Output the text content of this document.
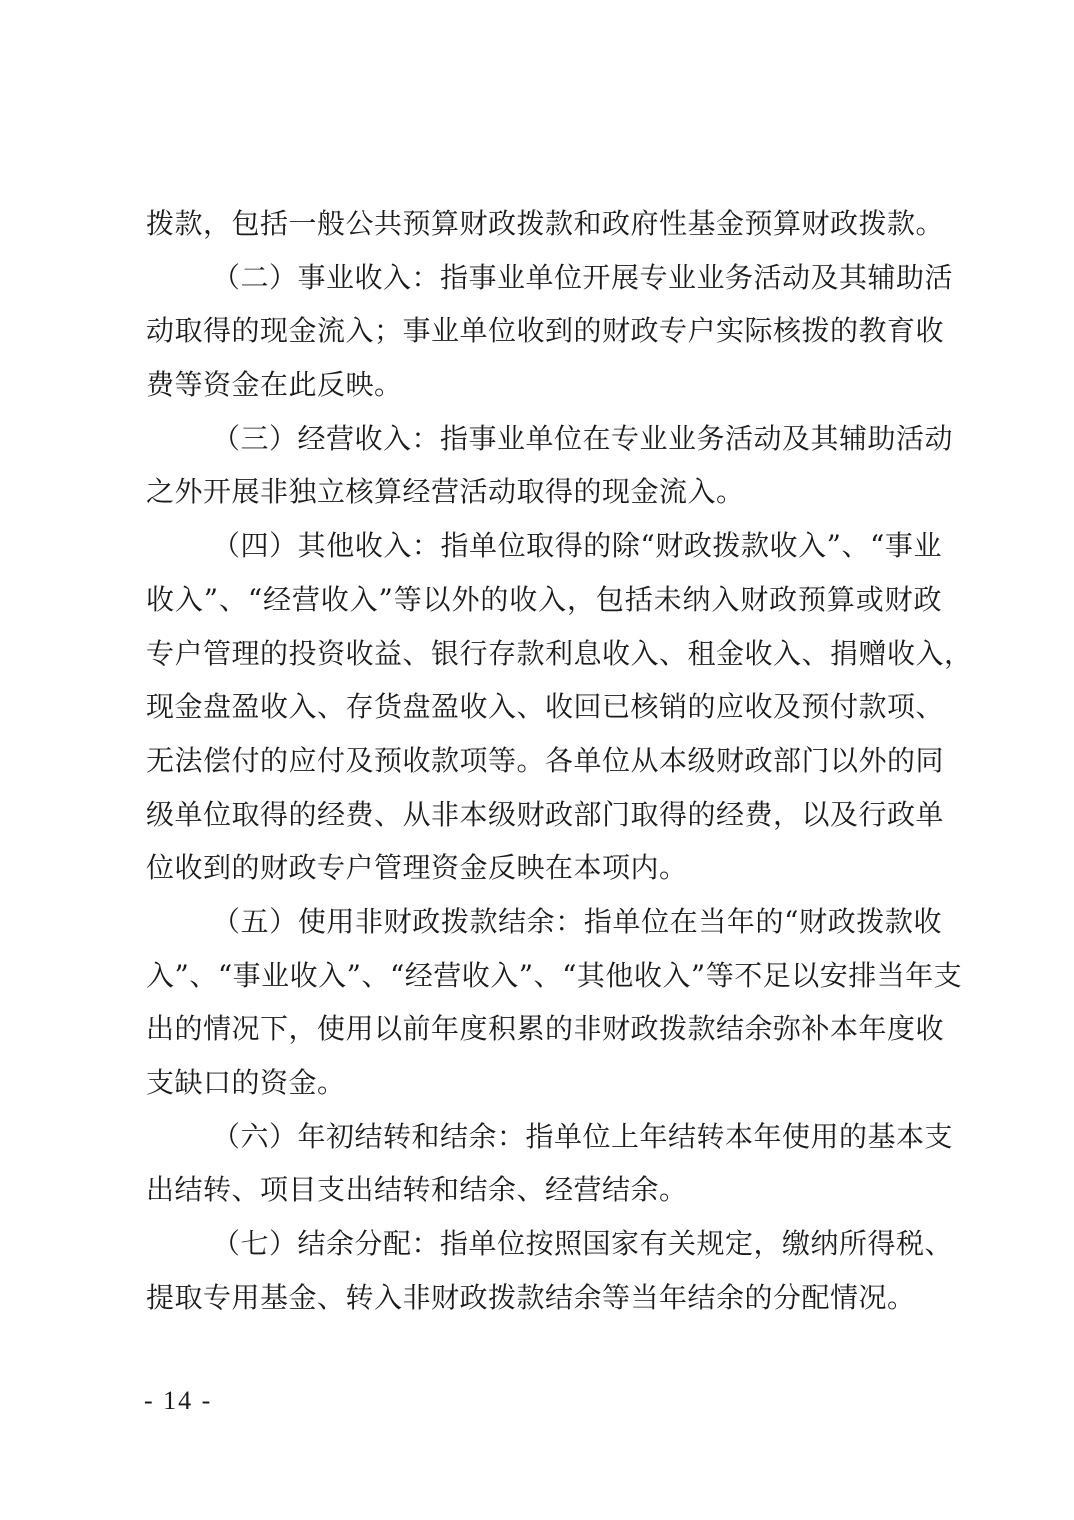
拨款，包括一般公共预算财政拨款和政府性基金预算财政拨款。
（二）事业收入：指事业单位开展专业业务活动及其辅助活
动取得的现金流入；事业单位收到的财政专户实际核拨的教育收
费等资金在此反映。
（三）经营收入：指事业单位在专业业务活动及其辅助活动
之外开展非独立核算经营活动取得的现金流入。
（四）其他收入：指单位取得的除“财政拨款收入”、“事业
收入”、“经营收入”等以外的收入，包括未纳入财政预算或财政
专户管理的投资收益、银行存款利息收入、租金收入、捐赠收入，
现金盘盈收入、存货盘盈收入、收回已核销的应收及预付款项、
无法偿付的应付及预收款项等。各单位从本级财政部门以外的同
级单位取得的经费、从非本级财政部门取得的经费，以及行政单
位收到的财政专户管理资金反映在本项内。
（五）使用非财政拨款结余：指单位在当年的“财政拨款收
入”、“事业收入”、“经营收入”、“其他收入”等不足以安排当年支
出的情况下，使用以前年度积累的非财政拨款结余弥补本年度收
支缺口的资金。
（六）年初结转和结余：指单位上年结转本年使用的基本支
出结转、项目支出结转和结余、经营结余。
（七）结余分配：指单位按照国家有关规定，缴纳所得税、
提取专用基金、转入非财政拨款结余等当年结余的分配情况。
- 14 -
